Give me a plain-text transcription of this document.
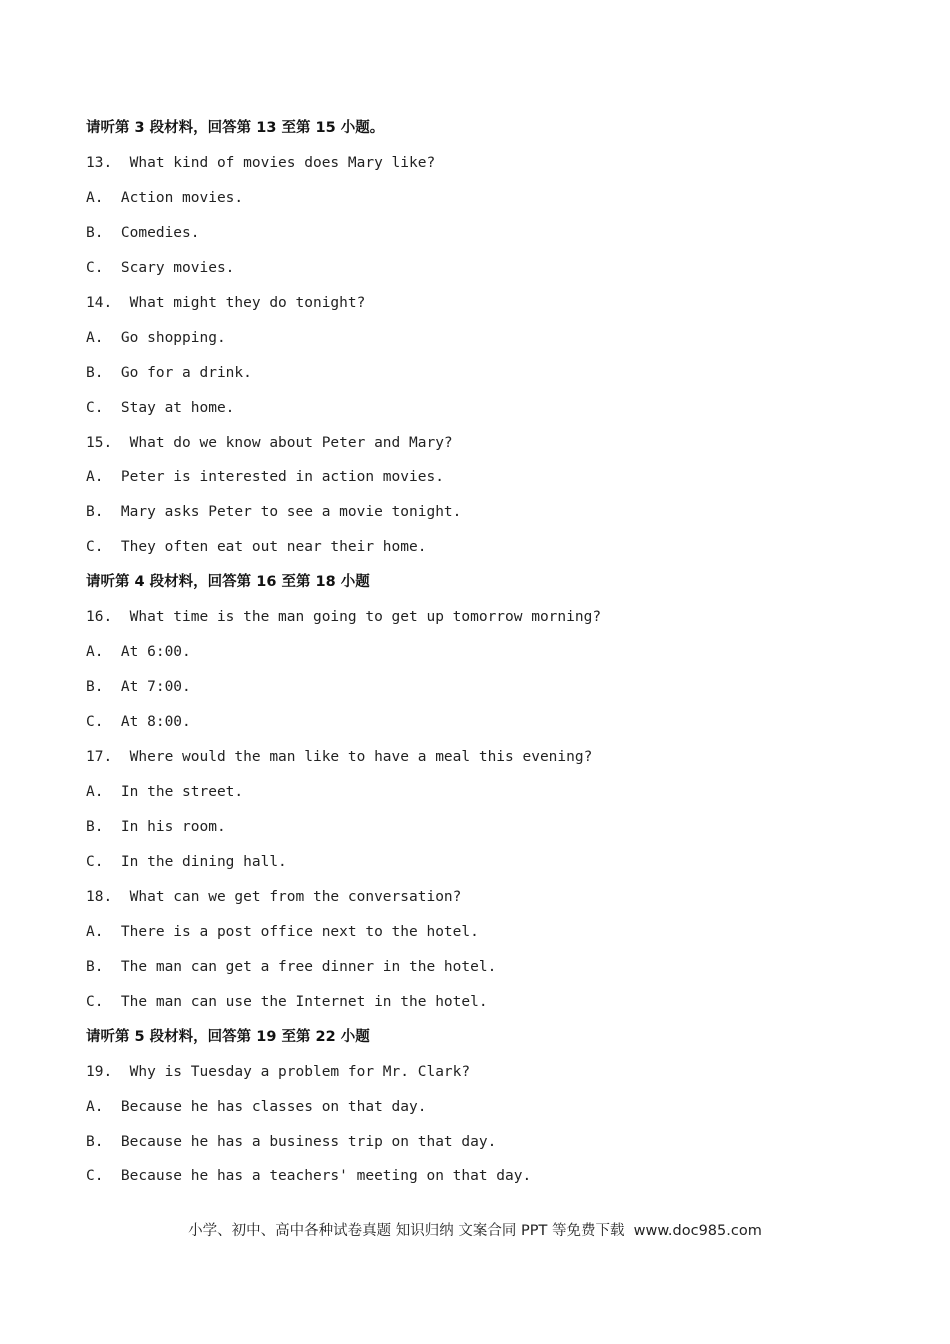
请听第 3 段材料，回答第 13 至第 15 小题。
13.  What kind of movies does Mary like?
A.  Action movies.
B.  Comedies.
C.  Scary movies.
14.  What might they do tonight?
A.  Go shopping.
B.  Go for a drink.
C.  Stay at home.
15.  What do we know about Peter and Mary?
A.  Peter is interested in action movies.
B.  Mary asks Peter to see a movie tonight.
C.  They often eat out near their home.
请听第 4 段材料，回答第 16 至第 18 小题
16.  What time is the man going to get up tomorrow morning?
A.  At 6:00.
B.  At 7:00.
C.  At 8:00.
17.  Where would the man like to have a meal this evening?
A.  In the street.
B.  In his room.
C.  In the dining hall.
18.  What can we get from the conversation?
A.  There is a post office next to the hotel.
B.  The man can get a free dinner in the hotel.
C.  The man can use the Internet in the hotel.
请听第 5 段材料，回答第 19 至第 22 小题
19.  Why is Tuesday a problem for Mr. Clark?
A.  Because he has classes on that day.
B.  Because he has a business trip on that day.
C.  Because he has a teachers' meeting on that day.
小学、初中、高中各种试卷真题 知识归纳 文案合同 PPT 等免费下载  www.doc985.com
